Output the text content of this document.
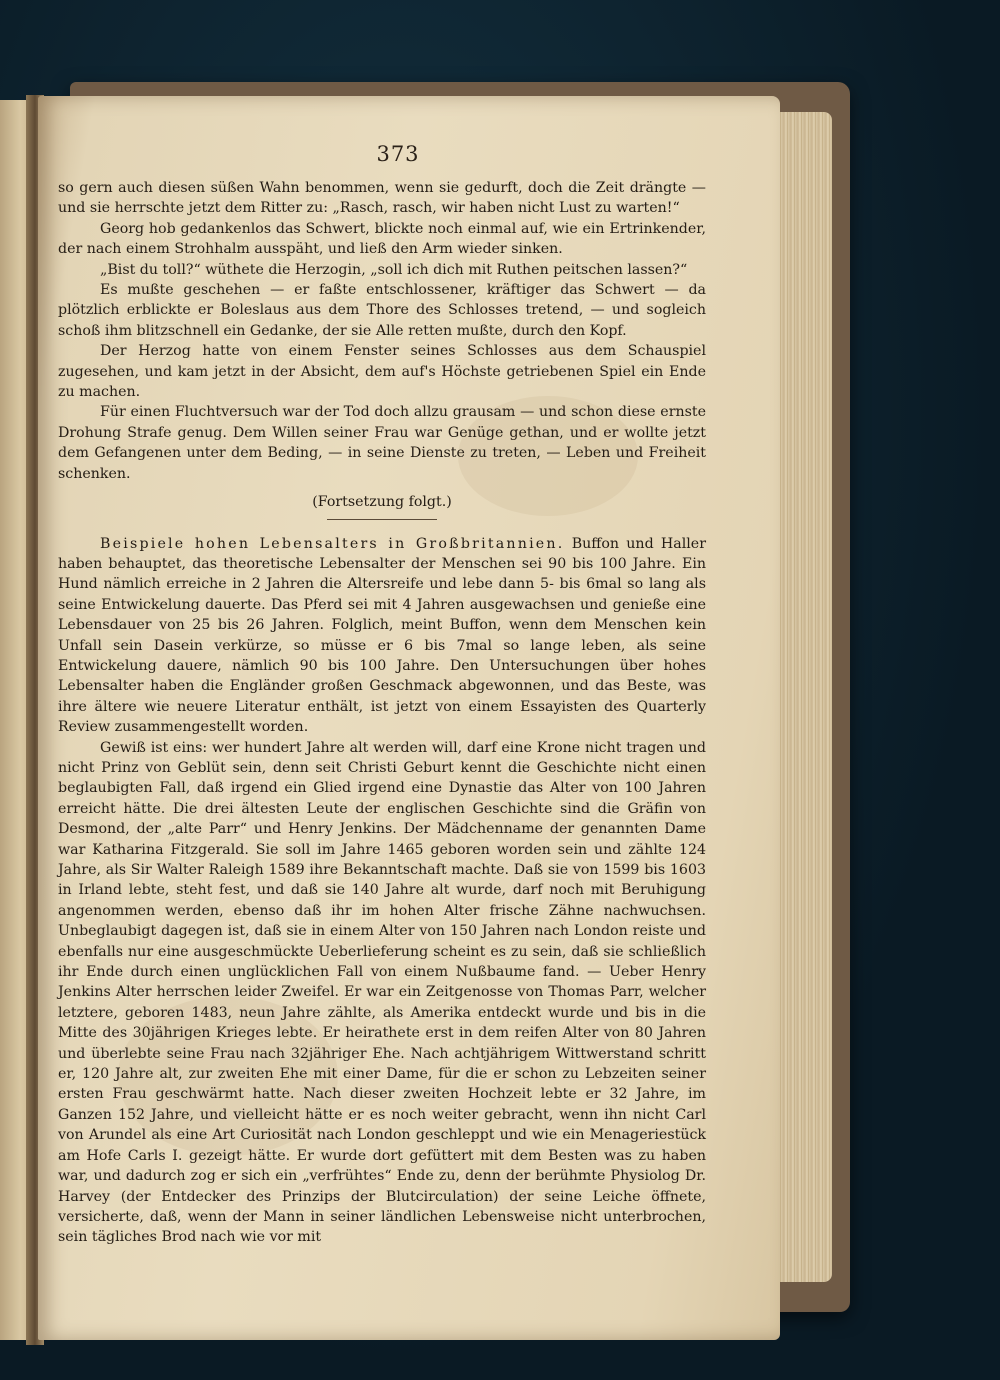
373

so gern auch diesen süßen Wahn benommen, wenn sie gedurft, doch die Zeit drängte — und sie herrschte jetzt dem Ritter zu: „Rasch, rasch, wir haben nicht Lust zu warten!“

Georg hob gedankenlos das Schwert, blickte noch einmal auf, wie ein Ertrinkender, der nach einem Strohhalm ausspäht, und ließ den Arm wieder sinken.

„Bist du toll?“ wüthete die Herzogin, „soll ich dich mit Ruthen peitschen lassen?“

Es mußte geschehen — er faßte entschlossener, kräftiger das Schwert — da plötzlich erblickte er Boleslaus aus dem Thore des Schlosses tretend, — und sogleich schoß ihm blitzschnell ein Gedanke, der sie Alle retten mußte, durch den Kopf.

Der Herzog hatte von einem Fenster seines Schlosses aus dem Schauspiel zugesehen, und kam jetzt in der Absicht, dem auf's Höchste getriebenen Spiel ein Ende zu machen.

Für einen Fluchtversuch war der Tod doch allzu grausam — und schon diese ernste Drohung Strafe genug. Dem Willen seiner Frau war Genüge gethan, und er wollte jetzt dem Gefangenen unter dem Beding, — in seine Dienste zu treten, — Leben und Freiheit schenken.

(Fortsetzung folgt.)

Beispiele hohen Lebensalters in Großbritannien. Buffon und Haller haben behauptet, das theoretische Lebensalter der Menschen sei 90 bis 100 Jahre. Ein Hund nämlich erreiche in 2 Jahren die Altersreife und lebe dann 5- bis 6mal so lang als seine Entwickelung dauerte. Das Pferd sei mit 4 Jahren ausgewachsen und genieße eine Lebensdauer von 25 bis 26 Jahren. Folglich, meint Buffon, wenn dem Menschen kein Unfall sein Dasein verkürze, so müsse er 6 bis 7mal so lange leben, als seine Entwickelung dauere, nämlich 90 bis 100 Jahre. Den Untersuchungen über hohes Lebensalter haben die Engländer großen Geschmack abgewonnen, und das Beste, was ihre ältere wie neuere Literatur enthält, ist jetzt von einem Essayisten des Quarterly Review zusammengestellt worden.

Gewiß ist eins: wer hundert Jahre alt werden will, darf eine Krone nicht tragen und nicht Prinz von Geblüt sein, denn seit Christi Geburt kennt die Geschichte nicht einen beglaubigten Fall, daß irgend ein Glied irgend eine Dynastie das Alter von 100 Jahren erreicht hätte. Die drei ältesten Leute der englischen Geschichte sind die Gräfin von Desmond, der „alte Parr“ und Henry Jenkins. Der Mädchenname der genannten Dame war Katharina Fitzgerald. Sie soll im Jahre 1465 geboren worden sein und zählte 124 Jahre, als Sir Walter Raleigh 1589 ihre Bekanntschaft machte. Daß sie von 1599 bis 1603 in Irland lebte, steht fest, und daß sie 140 Jahre alt wurde, darf noch mit Beruhigung angenommen werden, ebenso daß ihr im hohen Alter frische Zähne nachwuchsen. Unbeglaubigt dagegen ist, daß sie in einem Alter von 150 Jahren nach London reiste und ebenfalls nur eine ausgeschmückte Ueberlieferung scheint es zu sein, daß sie schließlich ihr Ende durch einen unglücklichen Fall von einem Nußbaume fand. — Ueber Henry Jenkins Alter herrschen leider Zweifel. Er war ein Zeitgenosse von Thomas Parr, welcher letztere, geboren 1483, neun Jahre zählte, als Amerika entdeckt wurde und bis in die Mitte des 30jährigen Krieges lebte. Er heirathete erst in dem reifen Alter von 80 Jahren und überlebte seine Frau nach 32jähriger Ehe. Nach achtjährigem Wittwerstand schritt er, 120 Jahre alt, zur zweiten Ehe mit einer Dame, für die er schon zu Lebzeiten seiner ersten Frau geschwärmt hatte. Nach dieser zweiten Hochzeit lebte er 32 Jahre, im Ganzen 152 Jahre, und vielleicht hätte er es noch weiter gebracht, wenn ihn nicht Carl von Arundel als eine Art Curiosität nach London geschleppt und wie ein Menageriestück am Hofe Carls I. gezeigt hätte. Er wurde dort gefüttert mit dem Besten was zu haben war, und dadurch zog er sich ein „verfrühtes“ Ende zu, denn der berühmte Physiolog Dr. Harvey (der Entdecker des Prinzips der Blutcirculation) der seine Leiche öffnete, versicherte, daß, wenn der Mann in seiner ländlichen Lebensweise nicht unterbrochen, sein tägliches Brod nach wie vor mit
